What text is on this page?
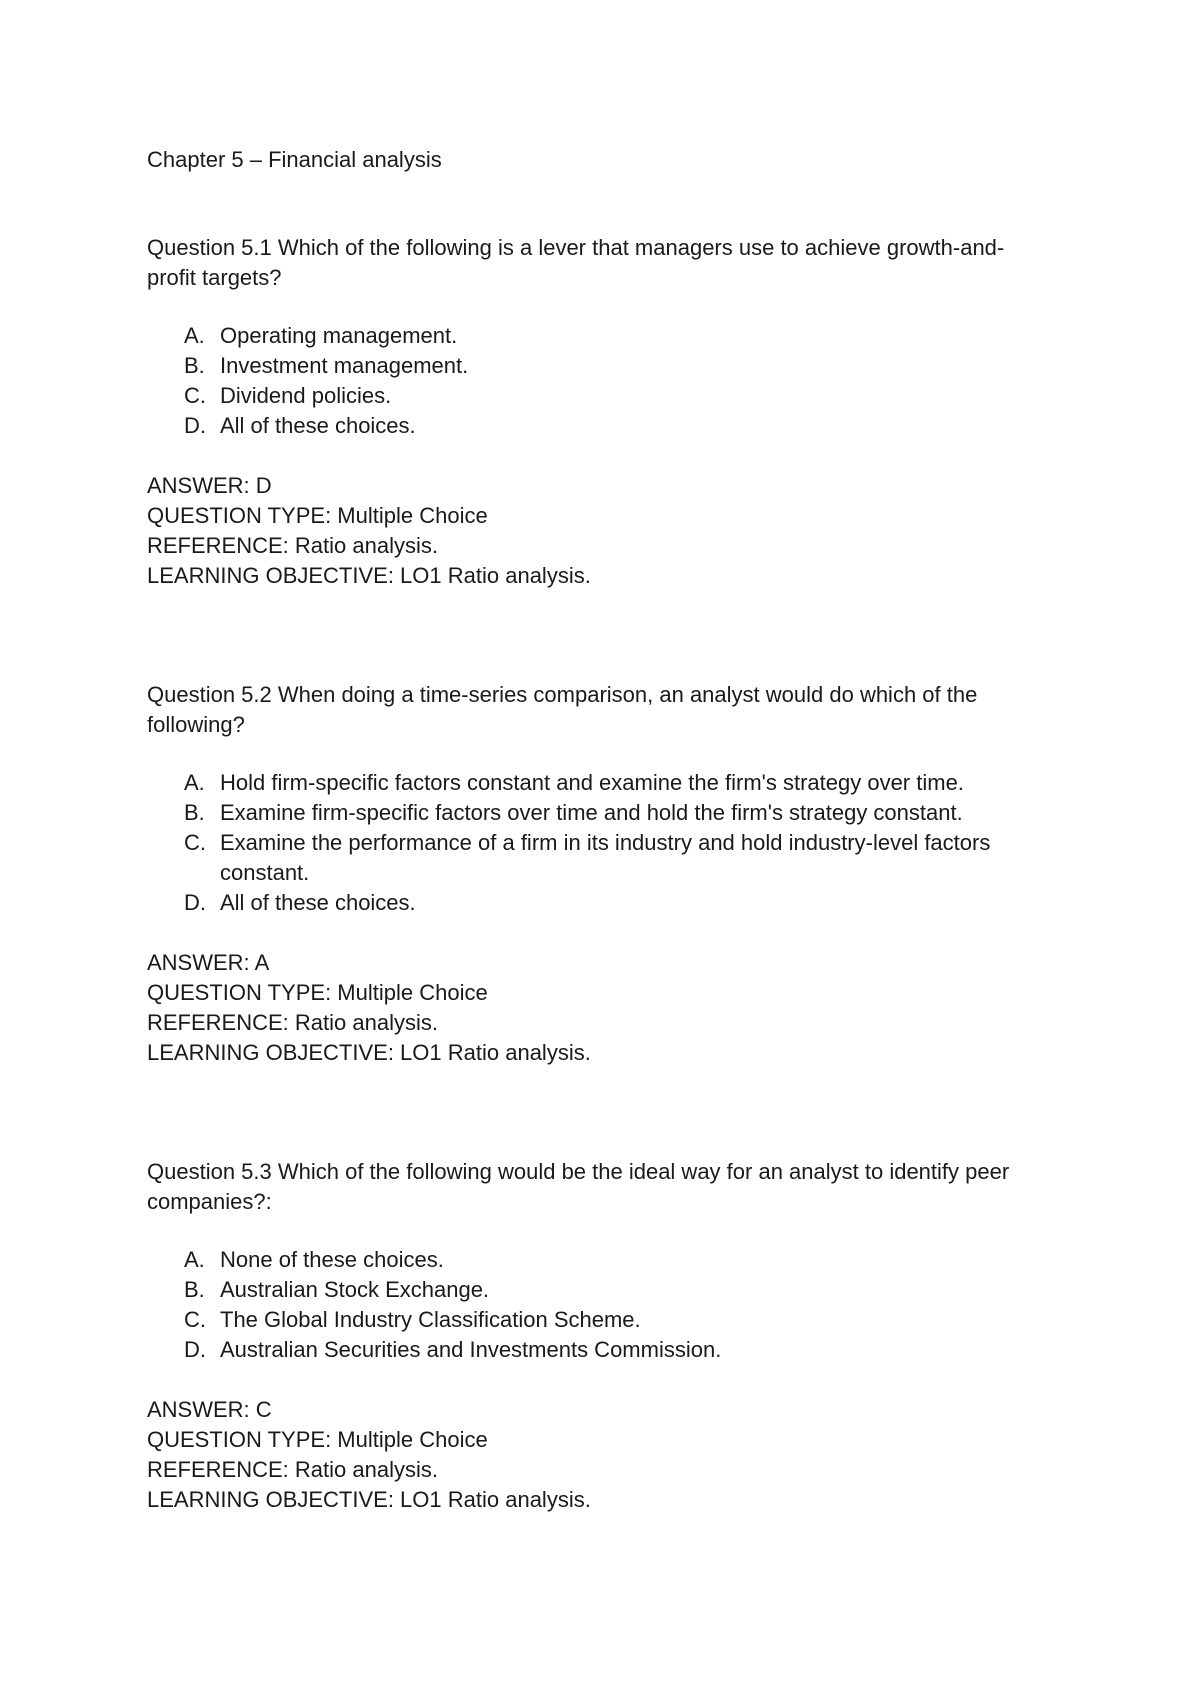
Chapter 5 – Financial analysis

Question 5.1 Which of the following is a lever that managers use to achieve growth-and-profit targets?

A. Operating management.
B. Investment management.
C. Dividend policies.
D. All of these choices.
ANSWER: D
QUESTION TYPE: Multiple Choice
REFERENCE: Ratio analysis.
LEARNING OBJECTIVE: LO1 Ratio analysis.

Question 5.2 When doing a time-series comparison, an analyst would do which of the following?

A. Hold firm-specific factors constant and examine the firm's strategy over time.
B. Examine firm-specific factors over time and hold the firm's strategy constant.
C. Examine the performance of a firm in its industry and hold industry-level factors constant.
D. All of these choices.
ANSWER: A
QUESTION TYPE: Multiple Choice
REFERENCE: Ratio analysis.
LEARNING OBJECTIVE: LO1 Ratio analysis.

Question 5.3 Which of the following would be the ideal way for an analyst to identify peer companies?:

A. None of these choices.
B. Australian Stock Exchange.
C. The Global Industry Classification Scheme.
D. Australian Securities and Investments Commission.
ANSWER: C
QUESTION TYPE: Multiple Choice
REFERENCE: Ratio analysis.
LEARNING OBJECTIVE: LO1 Ratio analysis.
